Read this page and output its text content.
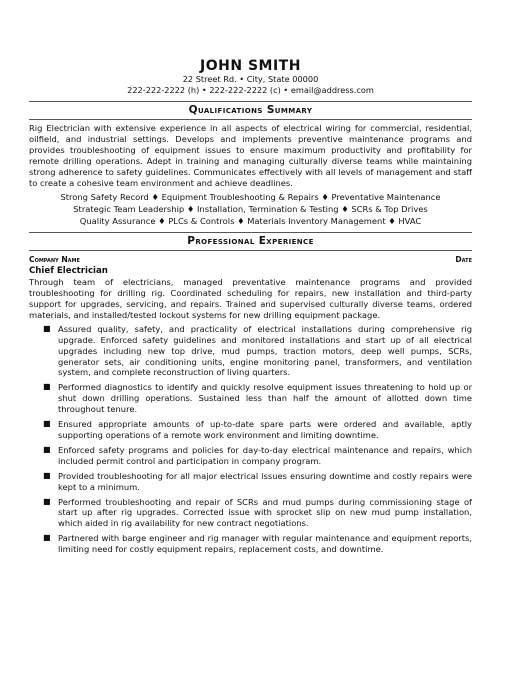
JOHN SMITH
22 Street Rd. • City, State 00000
222-222-2222 (h) • 222-222-2222 (c) • email@address.com
Qualifications Summary
Rig Electrician with extensive experience in all aspects of electrical wiring for commercial, residential, oilfield, and industrial settings. Develops and implements preventive maintenance programs and provides troubleshooting of equipment issues to ensure maximum productivity and profitability for remote drilling operations. Adept in training and managing culturally diverse teams while maintaining strong adherence to safety guidelines. Communicates effectively with all levels of management and staff to create a cohesive team environment and achieve deadlines.
Strong Safety Record ♦ Equipment Troubleshooting & Repairs ♦ Preventative Maintenance
Strategic Team Leadership ♦ Installation, Termination & Testing ♦ SCRs & Top Drives
Quality Assurance ♦ PLCs & Controls ♦ Materials Inventory Management ♦ HVAC
Professional Experience
Company Name	Date
Chief Electrician
Through team of electricians, managed preventative maintenance programs and provided troubleshooting for drilling rig. Coordinated scheduling for repairs, new installation and third-party support for upgrades, servicing, and repairs. Trained and supervised culturally diverse teams, ordered materials, and installed/tested lockout systems for new drilling equipment package.
■ Assured quality, safety, and practicality of electrical installations during comprehensive rig upgrade. Enforced safety guidelines and monitored installations and start up of all electrical upgrades including new top drive, mud pumps, traction motors, deep well pumps, SCRs, generator sets, air conditioning units, engine monitoring panel, transformers, and ventilation system, and complete reconstruction of living quarters.
■ Performed diagnostics to identify and quickly resolve equipment issues threatening to hold up or shut down drilling operations. Sustained less than half the amount of allotted down time throughout tenure.
■ Ensured appropriate amounts of up-to-date spare parts were ordered and available, aptly supporting operations of a remote work environment and limiting downtime.
■ Enforced safety programs and policies for day-to-day electrical maintenance and repairs, which included permit control and participation in company program.
■ Provided troubleshooting for all major electrical issues ensuring downtime and costly repairs were kept to a minimum.
■ Performed troubleshooting and repair of SCRs and mud pumps during commissioning stage of start up after rig upgrades. Corrected issue with sprocket slip on new mud pump installation, which aided in rig availability for new contract negotiations.
■ Partnered with barge engineer and rig manager with regular maintenance and equipment reports, limiting need for costly equipment repairs, replacement costs, and downtime.
